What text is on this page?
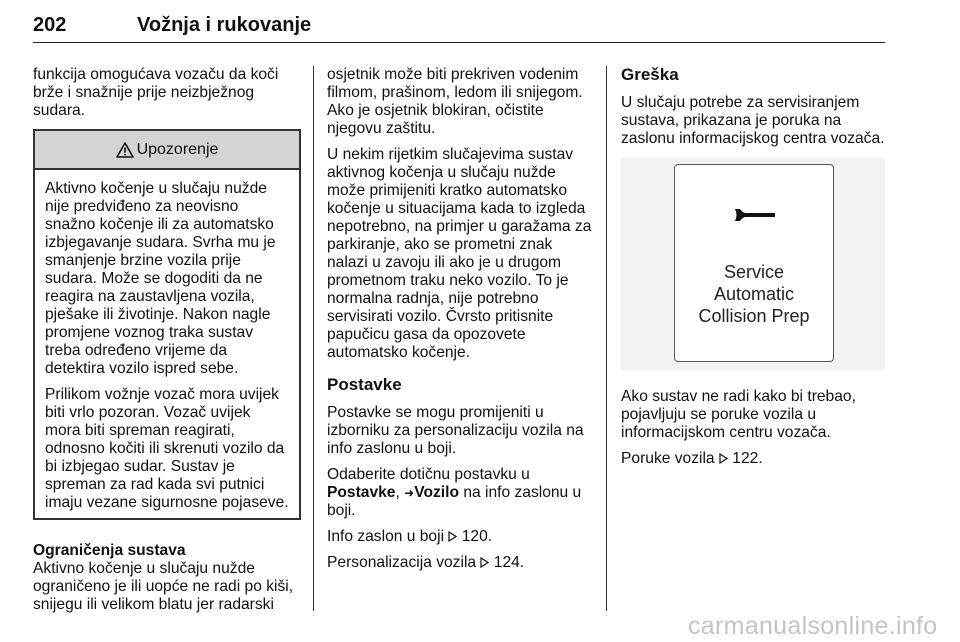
202	Vožnja i rukovanje

funkcija omogućava vozaču da koči brže i snažnije prije neizbježnog sudara.

Upozorenje

Aktivno kočenje u slučaju nužde nije predviđeno za neovisno snažno kočenje ili za automatsko izbjegavanje sudara. Svrha mu je smanjenje brzine vozila prije sudara. Može se dogoditi da ne reagira na zaustavljena vozila, pješake ili životinje. Nakon nagle promjene voznog traka sustav treba određeno vrijeme da detektira vozilo ispred sebe.

Prilikom vožnje vozač mora uvijek biti vrlo pozoran. Vozač uvijek mora biti spreman reagirati, odnosno kočiti ili skrenuti vozilo da bi izbjegao sudar. Sustav je spreman za rad kada svi putnici imaju vezane sigurnosne pojaseve.

Ograničenja sustava

Aktivno kočenje u slučaju nužde ograničeno je ili uopće ne radi po kiši, snijegu ili velikom blatu jer radarski

osjetnik može biti prekriven vodenim filmom, prašinom, ledom ili snijegom. Ako je osjetnik blokiran, očistite njegovu zaštitu.

U nekim rijetkim slučajevima sustav aktivnog kočenja u slučaju nužde može primijeniti kratko automatsko kočenje u situacijama kada to izgleda nepotrebno, na primjer u garažama za parkiranje, ako se prometni znak nalazi u zavoju ili ako je u drugom prometnom traku neko vozilo. To je normalna radnja, nije potrebno servisirati vozilo. Čvrsto pritisnite papučicu gasa da opozovete automatsko kočenje.

Postavke

Postavke se mogu promijeniti u izborniku za personalizaciju vozila na info zaslonu u boji.

Odaberite dotičnu postavku u
Postavke, ➜Vozilo na info zaslonu u boji.

Info zaslon u boji 120.

Personalizacija vozila 124.

Greška

U slučaju potrebe za servisiranjem sustava, prikazana je poruka na zaslonu informacijskog centra vozača.

Service
Automatic
Collision Prep

Ako sustav ne radi kako bi trebao, pojavljuju se poruke vozila u informacijskom centru vozača.

Poruke vozila 122.

carmanualsonline.info
